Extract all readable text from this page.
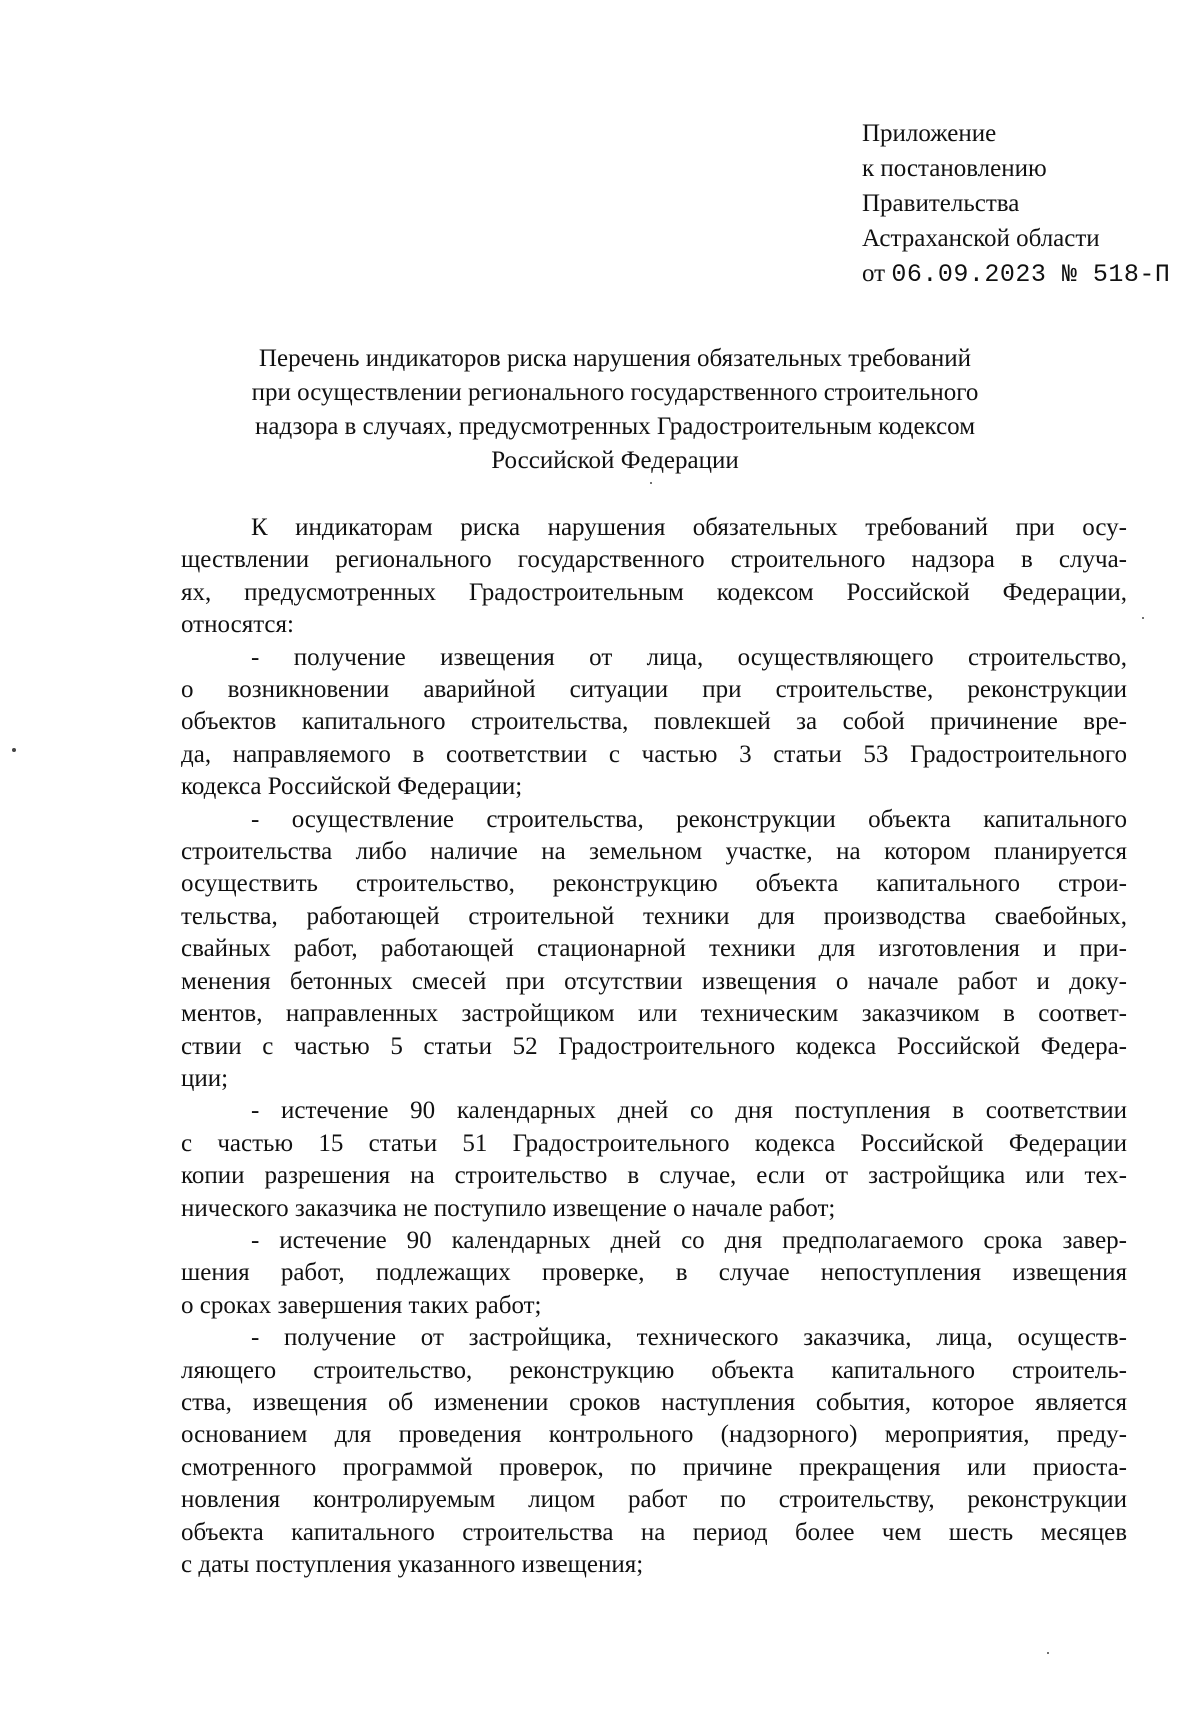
Приложение
к постановлению
Правительства
Астраханской области
от 06.09.2023 № 518-П
Перечень индикаторов риска нарушения обязательных требований
при осуществлении регионального государственного строительного
надзора в случаях, предусмотренных Градостроительным кодексом
Российской Федерации
К индикаторам риска нарушения обязательных требований при осу-
ществлении регионального государственного строительного надзора в случа-
ях, предусмотренных Градостроительным кодексом Российской Федерации,
относятся:
- получение извещения от лица, осуществляющего строительство,
о возникновении аварийной ситуации при строительстве, реконструкции
объектов капитального строительства, повлекшей за собой причинение вре-
да, направляемого в соответствии с частью 3 статьи 53 Градостроительного
кодекса Российской Федерации;
- осуществление строительства, реконструкции объекта капитального
строительства либо наличие на земельном участке, на котором планируется
осуществить строительство, реконструкцию объекта капитального строи-
тельства, работающей строительной техники для производства сваебойных,
свайных работ, работающей стационарной техники для изготовления и при-
менения бетонных смесей при отсутствии извещения о начале работ и доку-
ментов, направленных застройщиком или техническим заказчиком в соответ-
ствии с частью 5 статьи 52 Градостроительного кодекса Российской Федера-
ции;
- истечение 90 календарных дней со дня поступления в соответствии
с частью 15 статьи 51 Градостроительного кодекса Российской Федерации
копии разрешения на строительство в случае, если от застройщика или тех-
нического заказчика не поступило извещение о начале работ;
- истечение 90 календарных дней со дня предполагаемого срока завер-
шения работ, подлежащих проверке, в случае непоступления извещения
о сроках завершения таких работ;
- получение от застройщика, технического заказчика, лица, осуществ-
ляющего строительство, реконструкцию объекта капитального строитель-
ства, извещения об изменении сроков наступления события, которое является
основанием для проведения контрольного (надзорного) мероприятия, преду-
смотренного программой проверок, по причине прекращения или приоста-
новления контролируемым лицом работ по строительству, реконструкции
объекта капитального строительства на период более чем шесть месяцев
с даты поступления указанного извещения;
